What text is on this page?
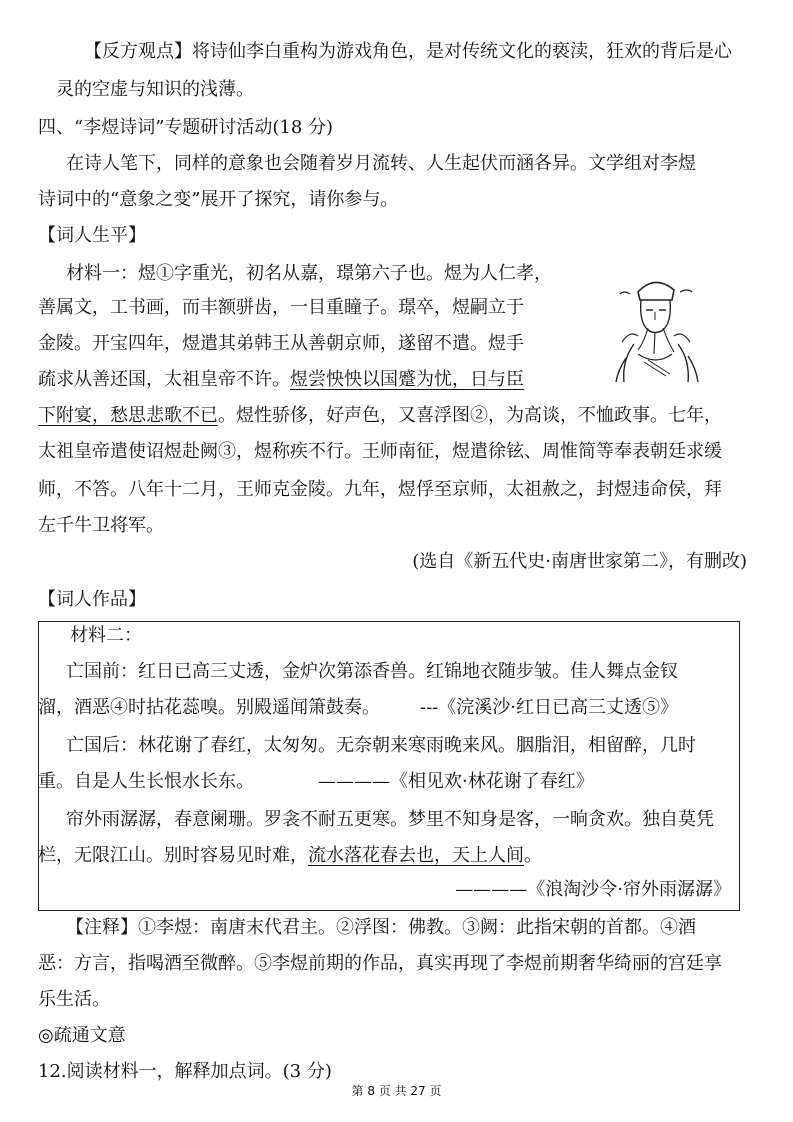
【反方观点】将诗仙李白重构为游戏角色，是对传统文化的亵渎，狂欢的背后是心
灵的空虚与知识的浅薄。
四、“李煜诗词”专题研讨活动(18 分)
在诗人笔下，同样的意象也会随着岁月流转、人生起伏而涵各异。文学组对李煜
诗词中的“意象之变”展开了探究，请你参与。
【词人生平】
材料一：煜①字重光，初名从嘉，璟第六子也。煜为人仁孝，
善属文，工书画，而丰额骈齿，一目重瞳子。璟卒，煜嗣立于
金陵。开宝四年，煜遣其弟韩王从善朝京师，遂留不遣。煜手
疏求从善还国，太祖皇帝不许。煜尝怏怏以国蹙为忧，日与臣
下附宴，愁思悲歌不已。煜性骄侈，好声色，又喜浮图②，为高谈，不恤政事。七年，
太祖皇帝遣使诏煜赴阙③，煜称疾不行。王师南征，煜遣徐铉、周惟简等奉表朝廷求缓
师，不答。八年十二月，王师克金陵。九年，煜俘至京师，太祖赦之，封煜违命侯，拜
左千牛卫将军。
(选自《新五代史·南唐世家第二》，有删改)
【词人作品】
材料二：
亡国前：红日已高三丈透，金炉次第添香兽。红锦地衣随步皱。佳人舞点金钗
溜，酒恶④时拈花蕊嗅。别殿遥闻箫鼓奏。 ---《浣溪沙·红日已高三丈透⑤》
亡国后：林花谢了春红，太匆匆。无奈朝来寒雨晚来风。胭脂泪，相留醉，几时
重。自是人生长恨水长东。	————《相见欢·林花谢了春红》
帘外雨潺潺，春意阑珊。罗衾不耐五更寒。梦里不知身是客，一晌贪欢。独自莫凭
栏，无限江山。别时容易见时难，流水落花春去也，天上人间。
————《浪淘沙令·帘外雨潺潺》
【注释】①李煜：南唐末代君主。②浮图：佛教。③阙：此指宋朝的首都。④酒
恶：方言，指喝酒至微醉。⑤李煜前期的作品，真实再现了李煜前期奢华绮丽的宫廷享
乐生活。
◎疏通文意
12.阅读材料一，解释加点词。(3 分)
第 8 页 共 27 页
